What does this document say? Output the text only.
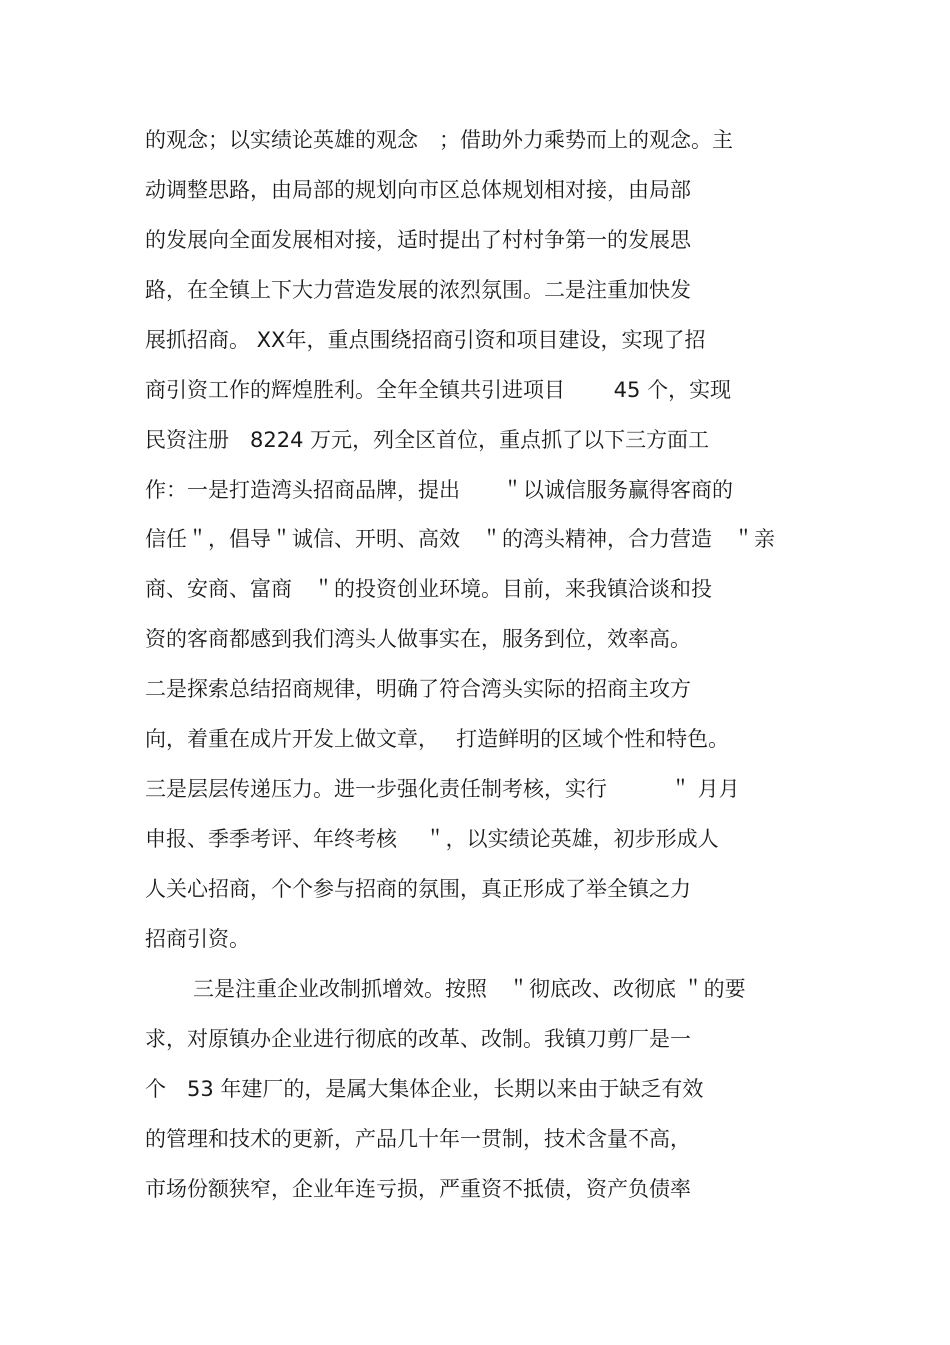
的观念；以实绩论英雄的观念　；借助外力乘势而上的观念。主
动调整思路，由局部的规划向市区总体规划相对接，由局部
的发展向全面发展相对接，适时提出了村村争第一的发展思
路，在全镇上下大力营造发展的浓烈氛围。二是注重加快发
展抓招商。 XX年，重点围绕招商引资和项目建设，实现了招
商引资工作的辉煌胜利。全年全镇共引进项目　　 45 个，实现
民资注册　8224 万元，列全区首位，重点抓了以下三方面工
作：一是打造湾头招商品牌，提出　　＂以诚信服务赢得客商的
信任＂，倡导＂诚信、开明、高效　＂的湾头精神，合力营造　＂亲
商、安商、富商　＂的投资创业环境。目前，来我镇洽谈和投
资的客商都感到我们湾头人做事实在，服务到位，效率高。
二是探索总结招商规律，明确了符合湾头实际的招商主攻方
向，着重在成片开发上做文章，　 打造鲜明的区域个性和特色。
三是层层传递压力。进一步强化责任制考核，实行　　　＂ 月月
申报、季季考评、年终考核　 ＂，以实绩论英雄，初步形成人
人关心招商，个个参与招商的氛围，真正形成了举全镇之力
招商引资。
三是注重企业改制抓增效。按照　＂彻底改、改彻底 ＂的要
求，对原镇办企业进行彻底的改革、改制。我镇刀剪厂是一
个　53 年建厂的，是属大集体企业，长期以来由于缺乏有效
的管理和技术的更新，产品几十年一贯制，技术含量不高，
市场份额狭窄，企业年连亏损，严重资不抵债，资产负债率
